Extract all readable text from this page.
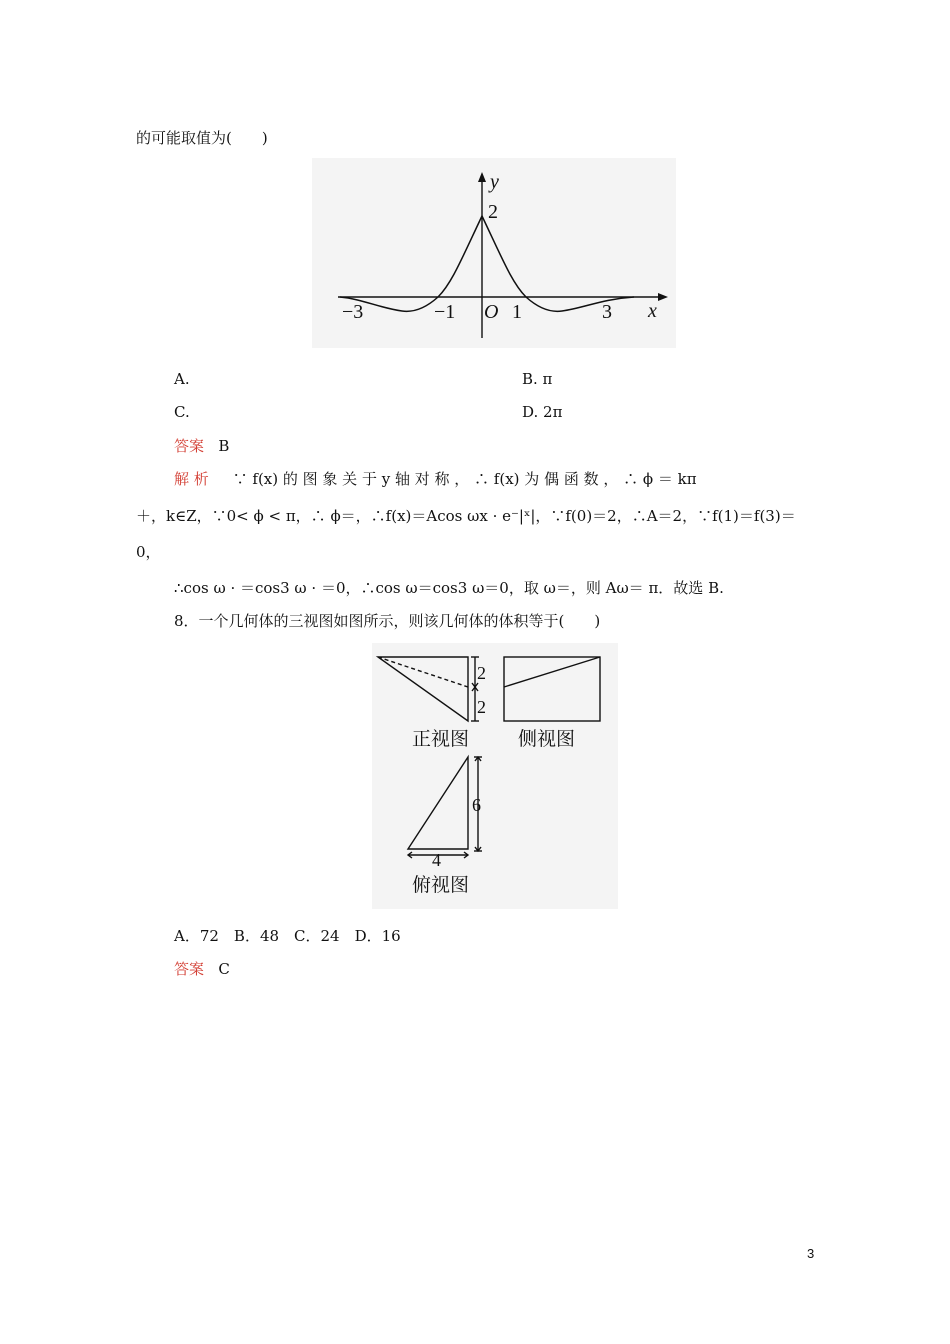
的可能取值为(　　)
y
2
x
O
−3	−1	1	3
A.	B. π
C.	D. 2π
答案 B
解 析 ∵ f(x) 的 图 象 关 于 y 轴 对 称 ， ∴ f(x) 为 偶 函 数 ， ∴ ϕ ＝ kπ
＋，k∈Z，∵0< ϕ < π，∴ ϕ＝，∴f(x)＝Acos ωx · e⁻|ˣ|，∵f(0)＝2，∴A＝2，∵f(1)＝f(3)＝
0，
∴cos ω · ＝cos3 ω · ＝0，∴cos ω＝cos3 ω＝0，取 ω＝，则 Aω＝ π．故选 B.
8．一个几何体的三视图如图所示，则该几何体的体积等于(　　)
2
2
正视图	侧视图
6
4
俯视图
A．72　B．48　C．24　D．16
答案 C
3
